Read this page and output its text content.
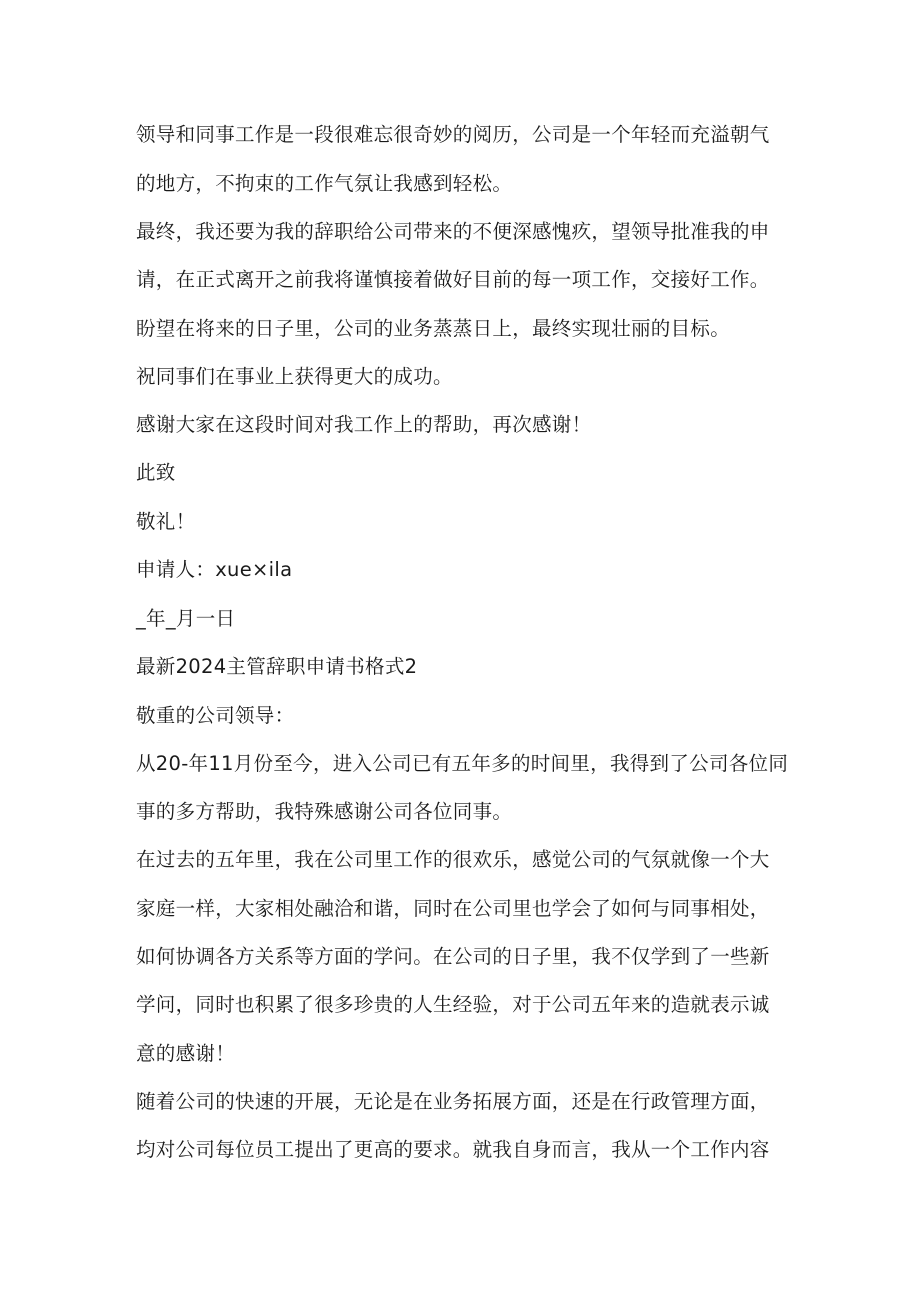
领导和同事工作是一段很难忘很奇妙的阅历，公司是一个年轻而充溢朝气
的地方，不拘束的工作气氛让我感到轻松。
最终，我还要为我的辞职给公司带来的不便深感愧疚，望领导批准我的申
请，在正式离开之前我将谨慎接着做好目前的每一项工作，交接好工作。
盼望在将来的日子里，公司的业务蒸蒸日上，最终实现壮丽的目标。
祝同事们在事业上获得更大的成功。
感谢大家在这段时间对我工作上的帮助，再次感谢！
此致
敬礼！
申请人：xue×ila
_年_月一日
最新2024主管辞职申请书格式2
敬重的公司领导：
从20-年11月份至今，进入公司已有五年多的时间里，我得到了公司各位同
事的多方帮助，我特殊感谢公司各位同事。
在过去的五年里，我在公司里工作的很欢乐，感觉公司的气氛就像一个大
家庭一样，大家相处融洽和谐，同时在公司里也学会了如何与同事相处，
如何协调各方关系等方面的学问。在公司的日子里，我不仅学到了一些新
学问，同时也积累了很多珍贵的人生经验，对于公司五年来的造就表示诚
意的感谢！
随着公司的快速的开展，无论是在业务拓展方面，还是在行政管理方面，
均对公司每位员工提出了更高的要求。就我自身而言，我从一个工作内容
